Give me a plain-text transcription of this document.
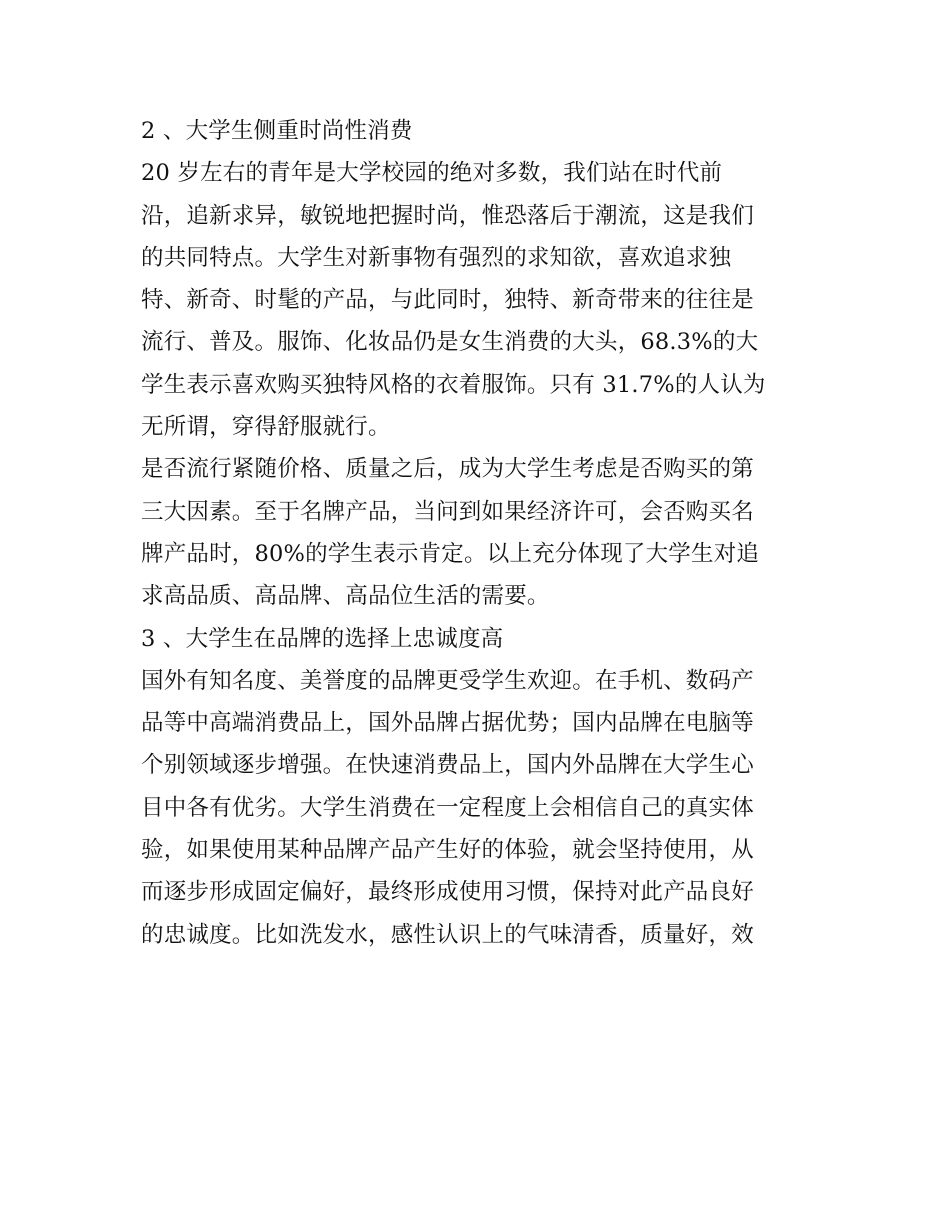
2 、大学生侧重时尚性消费
20 岁左右的青年是大学校园的绝对多数，我们站在时代前
沿，追新求异，敏锐地把握时尚，惟恐落后于潮流，这是我们
的共同特点。大学生对新事物有强烈的求知欲，喜欢追求独
特、新奇、时髦的产品，与此同时，独特、新奇带来的往往是
流行、普及。服饰、化妆品仍是女生消费的大头，68.3%的大
学生表示喜欢购买独特风格的衣着服饰。只有 31.7%的人认为
无所谓，穿得舒服就行。
是否流行紧随价格、质量之后，成为大学生考虑是否购买的第
三大因素。至于名牌产品，当问到如果经济许可，会否购买名
牌产品时，80%的学生表示肯定。以上充分体现了大学生对追
求高品质、高品牌、高品位生活的需要。
3 、大学生在品牌的选择上忠诚度高
国外有知名度、美誉度的品牌更受学生欢迎。在手机、数码产
品等中高端消费品上，国外品牌占据优势；国内品牌在电脑等
个别领域逐步增强。在快速消费品上，国内外品牌在大学生心
目中各有优劣。大学生消费在一定程度上会相信自己的真实体
验，如果使用某种品牌产品产生好的体验，就会坚持使用，从
而逐步形成固定偏好，最终形成使用习惯，保持对此产品良好
的忠诚度。比如洗发水，感性认识上的气味清香，质量好，效
